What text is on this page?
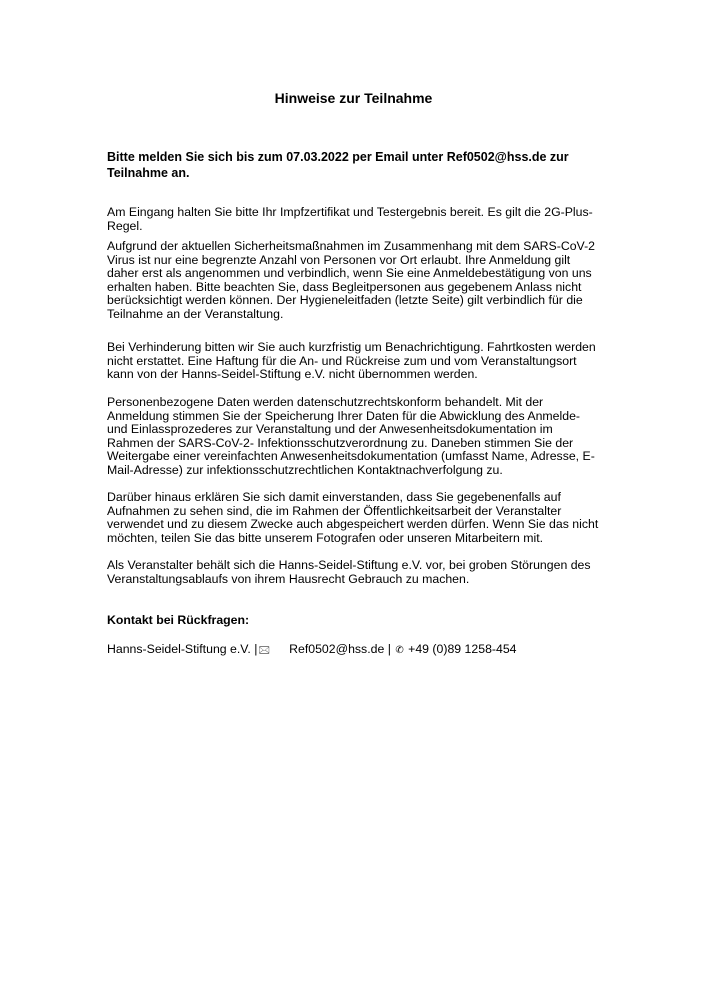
Hinweise zur Teilnahme

Bitte melden Sie sich bis zum 07.03.2022 per Email unter Ref0502@hss.de zur Teilnahme an.

Am Eingang halten Sie bitte Ihr Impfzertifikat und Testergebnis bereit. Es gilt die 2G-Plus-Regel.

Aufgrund der aktuellen Sicherheitsmaßnahmen im Zusammenhang mit dem SARS-CoV-2 Virus ist nur eine begrenzte Anzahl von Personen vor Ort erlaubt. Ihre Anmeldung gilt daher erst als angenommen und verbindlich, wenn Sie eine Anmeldebestätigung von uns erhalten haben. Bitte beachten Sie, dass Begleitpersonen aus gegebenem Anlass nicht berücksichtigt werden können. Der Hygieneleitfaden (letzte Seite) gilt verbindlich für die Teilnahme an der Veranstaltung.

Bei Verhinderung bitten wir Sie auch kurzfristig um Benachrichtigung. Fahrtkosten werden nicht erstattet. Eine Haftung für die An- und Rückreise zum und vom Veranstaltungsort kann von der Hanns-Seidel-Stiftung e.V. nicht übernommen werden.

Personenbezogene Daten werden datenschutzrechtskonform behandelt. Mit der Anmeldung stimmen Sie der Speicherung Ihrer Daten für die Abwicklung des Anmelde- und Einlassprozederes zur Veranstaltung und der Anwesenheitsdokumentation im Rahmen der SARS-CoV-2- Infektionsschutzverordnung zu. Daneben stimmen Sie der Weitergabe einer vereinfachten Anwesenheitsdokumentation (umfasst Name, Adresse, E-Mail-Adresse) zur infektionsschutzrechtlichen Kontaktnachverfolgung zu.

Darüber hinaus erklären Sie sich damit einverstanden, dass Sie gegebenenfalls auf Aufnahmen zu sehen sind, die im Rahmen der Öffentlichkeitsarbeit der Veranstalter verwendet und zu diesem Zwecke auch abgespeichert werden dürfen. Wenn Sie das nicht möchten, teilen Sie das bitte unserem Fotografen oder unseren Mitarbeitern mit.

Als Veranstalter behält sich die Hanns-Seidel-Stiftung e.V. vor, bei groben Störungen des Veranstaltungsablaufs von ihrem Hausrecht Gebrauch zu machen.

Kontakt bei Rückfragen:

Hanns-Seidel-Stiftung e.V. |🖂 Ref0502@hss.de | ✆ +49 (0)89 1258-454
